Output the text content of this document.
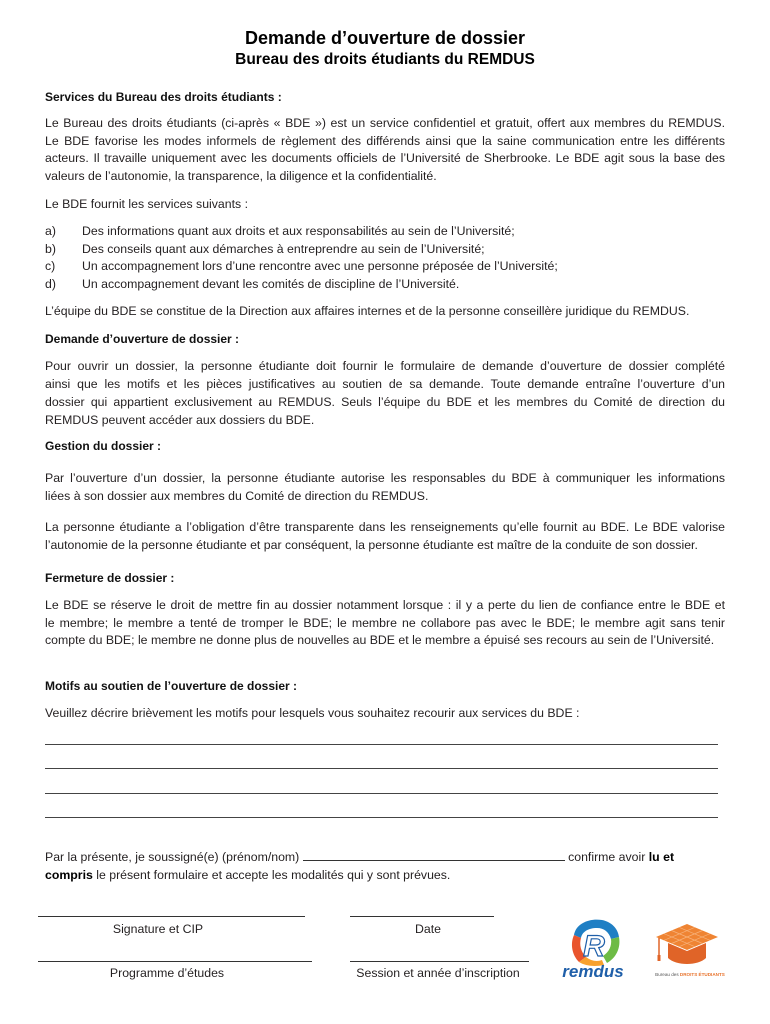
Demande d’ouverture de dossier
Bureau des droits étudiants du REMDUS
Services du Bureau des droits étudiants :
Le Bureau des droits étudiants (ci-après « BDE ») est un service confidentiel et gratuit, offert aux membres du REMDUS.
Le BDE favorise les modes informels de règlement des différends ainsi que la saine communication entre les différents
acteurs. Il travaille uniquement avec les documents officiels de l’Université de Sherbrooke. Le BDE agit sous la base des
valeurs de l’autonomie, la transparence, la diligence et la confidentialité.
Le BDE fournit les services suivants :
a) Des informations quant aux droits et aux responsabilités au sein de l’Université;
b) Des conseils quant aux démarches à entreprendre au sein de l’Université;
c) Un accompagnement lors d’une rencontre avec une personne préposée de l’Université;
d) Un accompagnement devant les comités de discipline de l’Université.
L’équipe du BDE se constitue de la Direction aux affaires internes et de la personne conseillère juridique du REMDUS.
Demande d’ouverture de dossier :
Pour ouvrir un dossier, la personne étudiante doit fournir le formulaire de demande d’ouverture de dossier complété
ainsi que les motifs et les pièces justificatives au soutien de sa demande. Toute demande entraîne l’ouverture d’un
dossier qui appartient exclusivement au REMDUS. Seuls l’équipe du BDE et les membres du Comité de direction du
REMDUS peuvent accéder aux dossiers du BDE.
Gestion du dossier :
Par l’ouverture d’un dossier, la personne étudiante autorise les responsables du BDE à communiquer les informations
liées à son dossier aux membres du Comité de direction du REMDUS.
La personne étudiante a l’obligation d’être transparente dans les renseignements qu’elle fournit au BDE. Le BDE valorise
l’autonomie de la personne étudiante et par conséquent, la personne étudiante est maître de la conduite de son dossier.
Fermeture de dossier :
Le BDE se réserve le droit de mettre fin au dossier notamment lorsque : il y a perte du lien de confiance entre le BDE et
le membre; le membre a tenté de tromper le BDE; le membre ne collabore pas avec le BDE; le membre agit sans tenir
compte du BDE; le membre ne donne plus de nouvelles au BDE et le membre a épuisé ses recours au sein de l’Université.
Motifs au soutien de l’ouverture de dossier :
Veuillez décrire brièvement les motifs pour lesquels vous souhaitez recourir aux services du BDE :
Par la présente, je soussigné(e) (prénom/nom)	confirme avoir lu et
compris le présent formulaire et accepte les modalités qui y sont prévues.
Signature et CIP	Date
Programme d’études	Session et année d’inscription
R
remdus	Bureau des DROITS ÉTUDIANTS
